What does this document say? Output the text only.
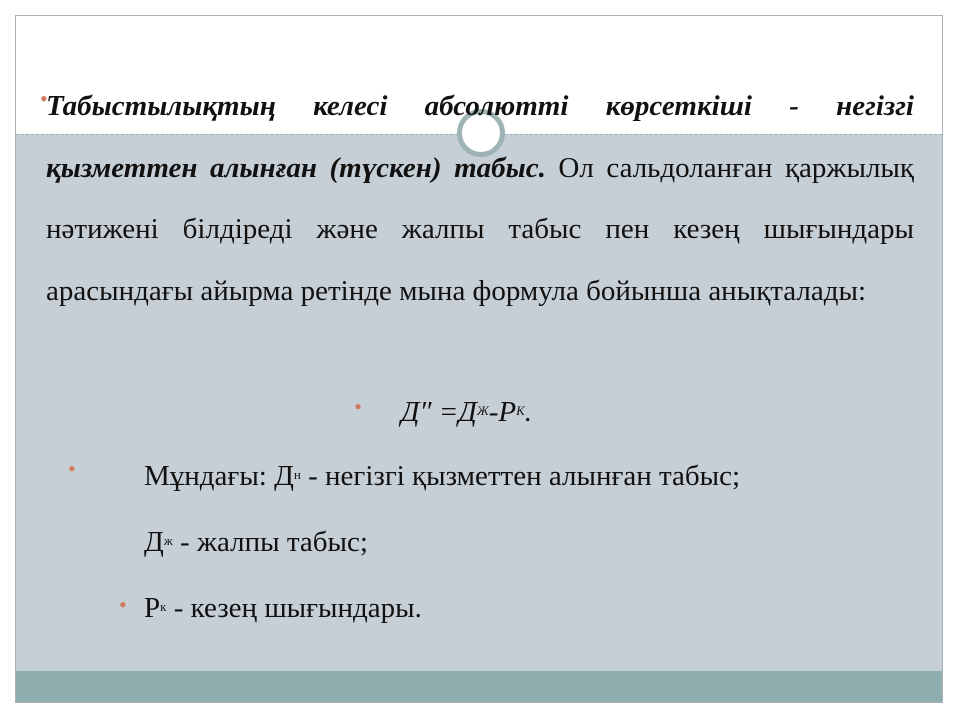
•
Табыстылықтың келесі абсолютті көрсеткіші - негізгі қызметтен алынған (түскен) табыс. Ол сальдоланған қаржылық нәтижені білдіреді және жалпы табыс пен кезең шығындары арасындағы айырма ретінде мына формула бойынша анықталады:

• $Д'' =Д^Ж-Р^К$.
• Мұндағы: $Д^н$ - негізгі қызметтен алынған табыс;
$Д^ж$ - жалпы табыс;
• $Р^к$ - кезең шығындары.
